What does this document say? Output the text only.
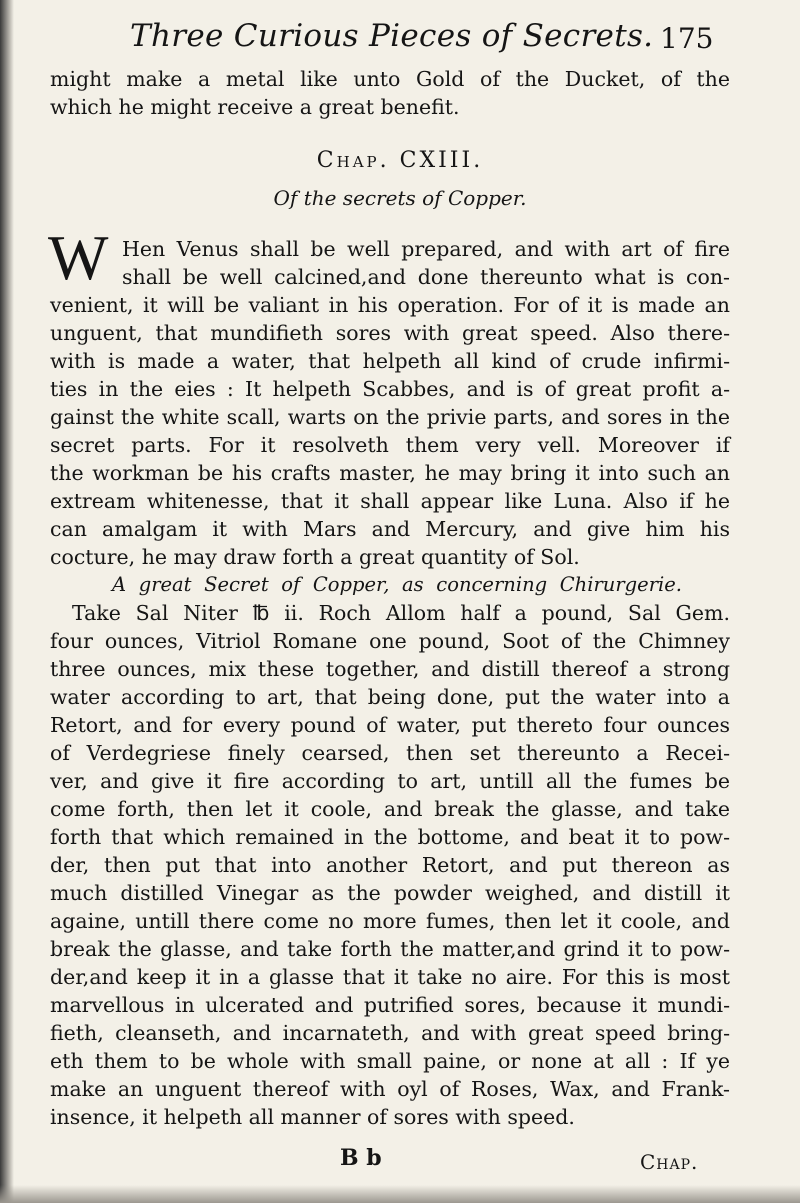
Three Curious Pieces of Secrets. 175
might make a metal like unto Gold of the Ducket, of the
which he might receive a great benefit.
Chap. CXIII.
Of the secrets of Copper.
W Hen Venus shall be well prepared, and with art of fire
shall be well calcined,and done thereunto what is con-
venient, it will be valiant in his operation. For of it is made an
unguent, that mundifieth sores with great speed. Also there-
with is made a water, that helpeth all kind of crude infirmi-
ties in the eies : It helpeth Scabbes, and is of great profit a-
gainst the white scall, warts on the privie parts, and sores in the
secret parts. For it resolveth them very vell. Moreover if
the workman be his crafts master, he may bring it into such an
extream whitenesse, that it shall appear like Luna. Also if he
can amalgam it with Mars and Mercury, and give him his
cocture, he may draw forth a great quantity of Sol.
A great Secret of Copper, as concerning Chirurgerie.
Take Sal Niter ℔ ii. Roch Allom half a pound, Sal Gem.
four ounces, Vitriol Romane one pound, Soot of the Chimney
three ounces, mix these together, and distill thereof a strong
water according to art, that being done, put the water into a
Retort, and for every pound of water, put thereto four ounces
of Verdegriese finely cearsed, then set thereunto a Recei-
ver, and give it fire according to art, untill all the fumes be
come forth, then let it coole, and break the glasse, and take
forth that which remained in the bottome, and beat it to pow-
der, then put that into another Retort, and put thereon as
much distilled Vinegar as the powder weighed, and distill it
againe, untill there come no more fumes, then let it coole, and
break the glasse, and take forth the matter,and grind it to pow-
der,and keep it in a glasse that it take no aire. For this is most
marvellous in ulcerated and putrified sores, because it mundi-
fieth, cleanseth, and incarnateth, and with great speed bring-
eth them to be whole with small paine, or none at all : If ye
make an unguent thereof with oyl of Roses, Wax, and Frank-
insence, it helpeth all manner of sores with speed.
B b	Chap.
